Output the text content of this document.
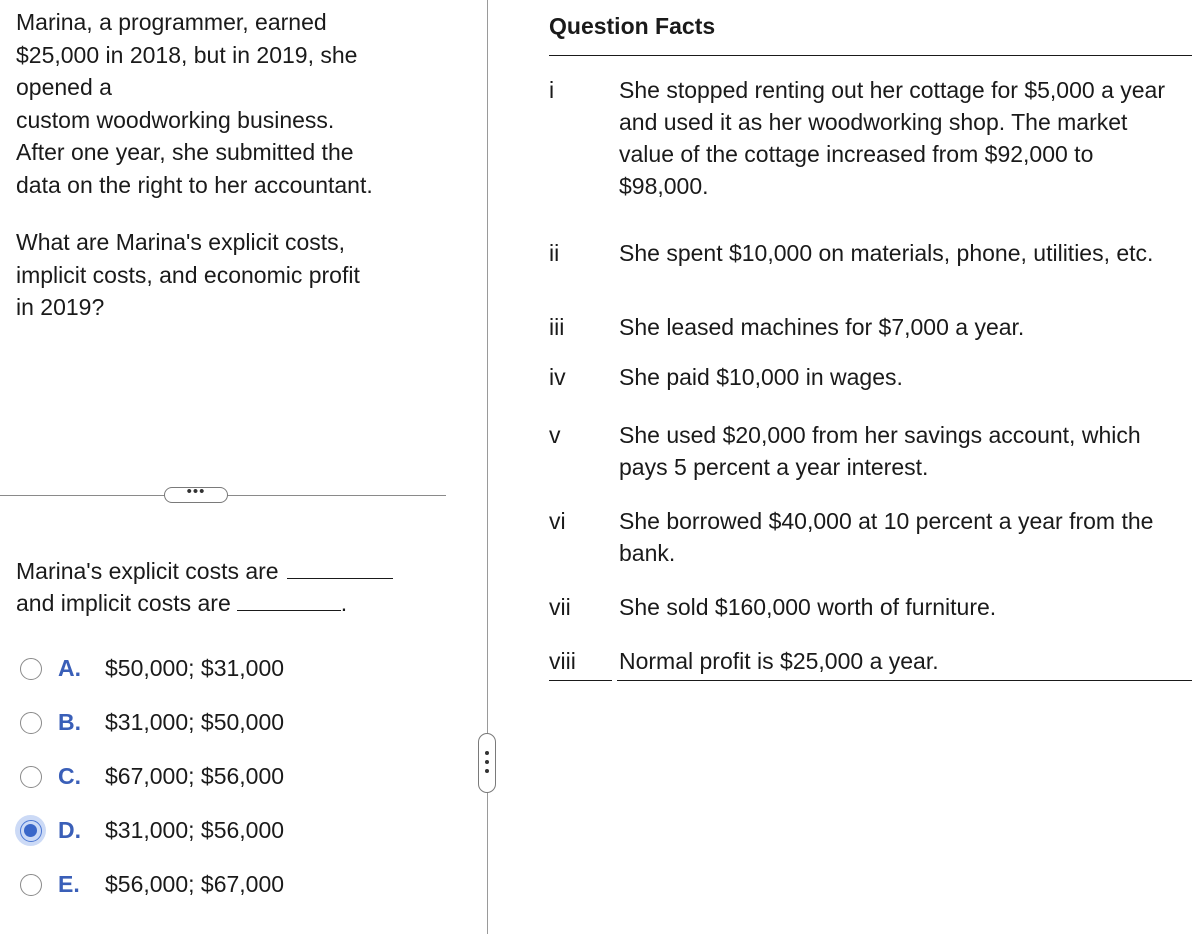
Marina, a programmer, earned
$25,000 in 2018, but in 2019, she
opened a
custom woodworking business.
After one year, she submitted the
data on the right to her accountant.

What are Marina's explicit costs,
implicit costs, and economic profit
in 2019?

•••

Marina's explicit costs are
and implicit costs are	.

A. $50,000; $31,000
B. $31,000; $50,000
C. $67,000; $56,000
D. $31,000; $56,000
E. $56,000; $67,000
Question Facts
i	She stopped renting out her cottage for $5,000 a year and used it as her woodworking shop. The market value of the cottage increased from $92,000 to $98,000.

ii	She spent $10,000 on materials, phone, utilities, etc.

iii She leased machines for $7,000 a year.

iv She paid $10,000 in wages.

v	She used $20,000 from her savings account, which pays 5 percent a year interest.

vi She borrowed $40,000 at 10 percent a year from the bank.

vii She sold $160,000 worth of furniture.

viii Normal profit is $25,000 a year.
